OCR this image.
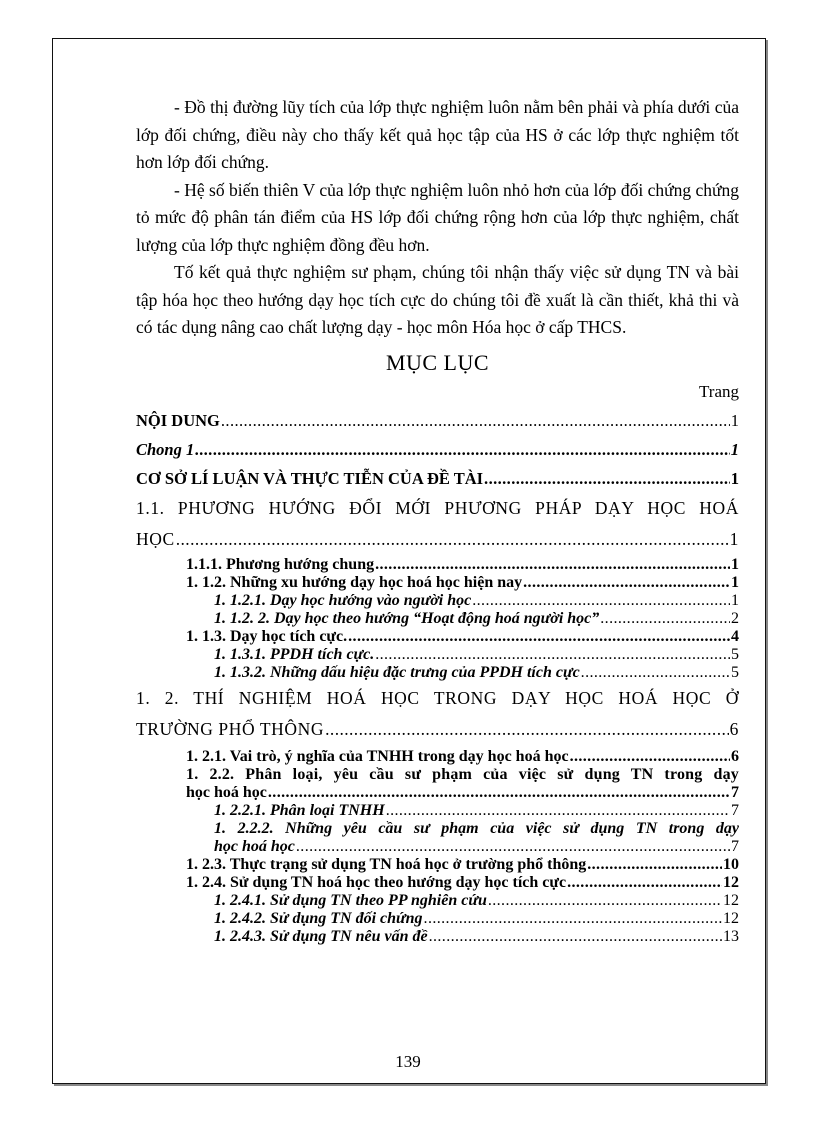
- Đồ thị đường lũy tích của lớp thực nghiệm luôn nằm bên phải và phía dưới của lớp đối chứng, điều này cho thấy kết quả học tập của HS ở các lớp thực nghiệm tốt hơn lớp đối chứng.

- Hệ số biến thiên V của lớp thực nghiệm luôn nhỏ hơn của lớp đối chứng chứng tỏ mức độ phân tán điểm của HS lớp đối chứng rộng hơn của lớp thực nghiệm, chất lượng của lớp thực nghiệm đồng đều hơn.

Tố kết quả thực nghiệm sư phạm, chúng tôi nhận thấy việc sử dụng TN và bài tập hóa học theo hướng dạy học tích cực do chúng tôi đề xuất là cần thiết, khả thi và có tác dụng nâng cao chất lượng dạy - học môn Hóa học ở cấp THCS.

MỤC LỤC
Trang
NỘI DUNG .....	1
Chong 1 .....	1
CƠ SỞ LÍ LUẬN VÀ THỰC TIỄN CỦA ĐỀ TÀI .....	1
1.1. PHƯƠNG HƯỚNG ĐỔI MỚI PHƯƠNG PHÁP DẠY HỌC HOÁ
HỌC .....	1
1.1.1. Phương hướng chung .....	1
1. 1.2. Những xu hướng dạy học hoá học hiện nay .....	1
1. 1.2.1. Dạy học hướng vào người học .....	1
1. 1.2. 2. Dạy học theo hướng “Hoạt động hoá người học” .....	2
1. 1.3. Dạy học tích cực. .....	4
1. 1.3.1. PPDH tích cực. .....	5
1. 1.3.2. Những dấu hiệu đặc trưng của PPDH tích cực .....	5
1. 2. THÍ NGHIỆM HOÁ HỌC TRONG DẠY HỌC HOÁ HỌC Ở
TRƯỜNG PHỔ THÔNG .....	6
1. 2.1. Vai trò, ý nghĩa của TNHH trong dạy học hoá học .....	6
1. 2.2. Phân loại, yêu cầu sư phạm của việc sử dụng TN trong dạy
học hoá học .....	7
1. 2.2.1. Phân loại TNHH .....	7
1. 2.2.2. Những yêu cầu sư phạm của việc sử dụng TN trong dạy
học hoá học .....	7
1. 2.3. Thực trạng sử dụng TN hoá học ở trường phổ thông .....	10
1. 2.4. Sử dụng TN hoá học theo hướng dạy học tích cực .....	12
1. 2.4.1. Sử dụng TN theo PP nghiên cứu .....	12
1. 2.4.2. Sử dụng TN đối chứng .....	12
1. 2.4.3. Sử dụng TN nêu vấn đề .....	13
139
